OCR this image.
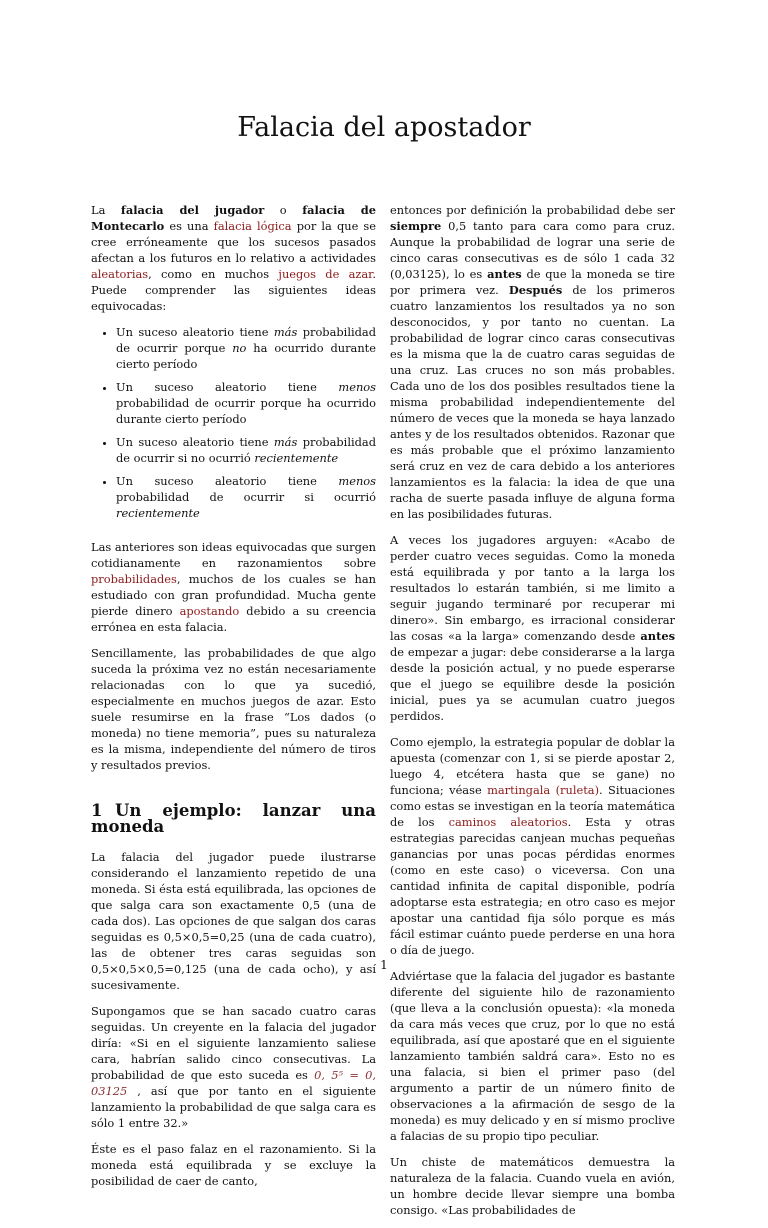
Falacia del apostador

La falacia del jugador o falacia de Montecarlo es una falacia lógica por la que se cree erróneamente que los sucesos pasados afectan a los futuros en lo relativo a actividades aleatorias, como en muchos juegos de azar. Puede comprender las siguientes ideas equivocadas:

• Un suceso aleatorio tiene más probabilidad de ocurrir porque no ha ocurrido durante cierto período
• Un suceso aleatorio tiene menos probabilidad de ocurrir porque ha ocurrido durante cierto período
• Un suceso aleatorio tiene más probabilidad de ocurrir si no ocurrió recientemente
• Un suceso aleatorio tiene menos probabilidad de ocurrir si ocurrió recientemente

Las anteriores son ideas equivocadas que surgen cotidianamente en razonamientos sobre probabilidades, muchos de los cuales se han estudiado con gran profundidad. Mucha gente pierde dinero apostando debido a su creencia errónea en esta falacia.

Sencillamente, las probabilidades de que algo suceda la próxima vez no están necesariamente relacionadas con lo que ya sucedió, especialmente en muchos juegos de azar. Esto suele resumirse en la frase “Los dados (o moneda) no tiene memoria”, pues su naturaleza es la misma, independiente del número de tiros y resultados previos.

1 Un ejemplo: lanzar una moneda

La falacia del jugador puede ilustrarse considerando el lanzamiento repetido de una moneda. Si ésta está equilibrada, las opciones de que salga cara son exactamente 0,5 (una de cada dos). Las opciones de que salgan dos caras seguidas es 0,5×0,5=0,25 (una de cada cuatro), las de obtener tres caras seguidas son 0,5×0,5×0,5=0,125 (una de cada ocho), y así sucesivamente.

Supongamos que se han sacado cuatro caras seguidas. Un creyente en la falacia del jugador diría: «Si en el siguiente lanzamiento saliese cara, habrían salido cinco consecutivas. La probabilidad de que esto suceda es 0, 5⁵ = 0, 03125 , así que por tanto en el siguiente lanzamiento la probabilidad de que salga cara es sólo 1 entre 32.»

Éste es el paso falaz en el razonamiento. Si la moneda está equilibrada y se excluye la posibilidad de caer de canto,

entonces por definición la probabilidad debe ser siempre 0,5 tanto para cara como para cruz. Aunque la probabilidad de lograr una serie de cinco caras consecutivas es de sólo 1 cada 32 (0,03125), lo es antes de que la moneda se tire por primera vez. Después de los primeros cuatro lanzamientos los resultados ya no son desconocidos, y por tanto no cuentan. La probabilidad de lograr cinco caras consecutivas es la misma que la de cuatro caras seguidas de una cruz. Las cruces no son más probables. Cada uno de los dos posibles resultados tiene la misma probabilidad independientemente del número de veces que la moneda se haya lanzado antes y de los resultados obtenidos. Razonar que es más probable que el próximo lanzamiento será cruz en vez de cara debido a los anteriores lanzamientos es la falacia: la idea de que una racha de suerte pasada influye de alguna forma en las posibilidades futuras.

A veces los jugadores arguyen: «Acabo de perder cuatro veces seguidas. Como la moneda está equilibrada y por tanto a la larga los resultados lo estarán también, si me limito a seguir jugando terminaré por recuperar mi dinero». Sin embargo, es irracional considerar las cosas «a la larga» comenzando desde antes de empezar a jugar: debe considerarse a la larga desde la posición actual, y no puede esperarse que el juego se equilibre desde la posición inicial, pues ya se acumulan cuatro juegos perdidos.

Como ejemplo, la estrategia popular de doblar la apuesta (comenzar con 1, si se pierde apostar 2, luego 4, etcétera hasta que se gane) no funciona; véase martingala (ruleta). Situaciones como estas se investigan en la teoría matemática de los caminos aleatorios. Esta y otras estrategias parecidas canjean muchas pequeñas ganancias por unas pocas pérdidas enormes (como en este caso) o viceversa. Con una cantidad infinita de capital disponible, podría adoptarse esta estrategia; en otro caso es mejor apostar una cantidad fija sólo porque es más fácil estimar cuánto puede perderse en una hora o día de juego.

Adviértase que la falacia del jugador es bastante diferente del siguiente hilo de razonamiento (que lleva a la conclusión opuesta): «la moneda da cara más veces que cruz, por lo que no está equilibrada, así que apostaré que en el siguiente lanzamiento también saldrá cara». Esto no es una falacia, si bien el primer paso (del argumento a partir de un número finito de observaciones a la afirmación de sesgo de la moneda) es muy delicado y en sí mismo proclive a falacias de su propio tipo peculiar.

Un chiste de matemáticos demuestra la naturaleza de la falacia. Cuando vuela en avión, un hombre decide llevar siempre una bomba consigo. «Las probabilidades de

1
